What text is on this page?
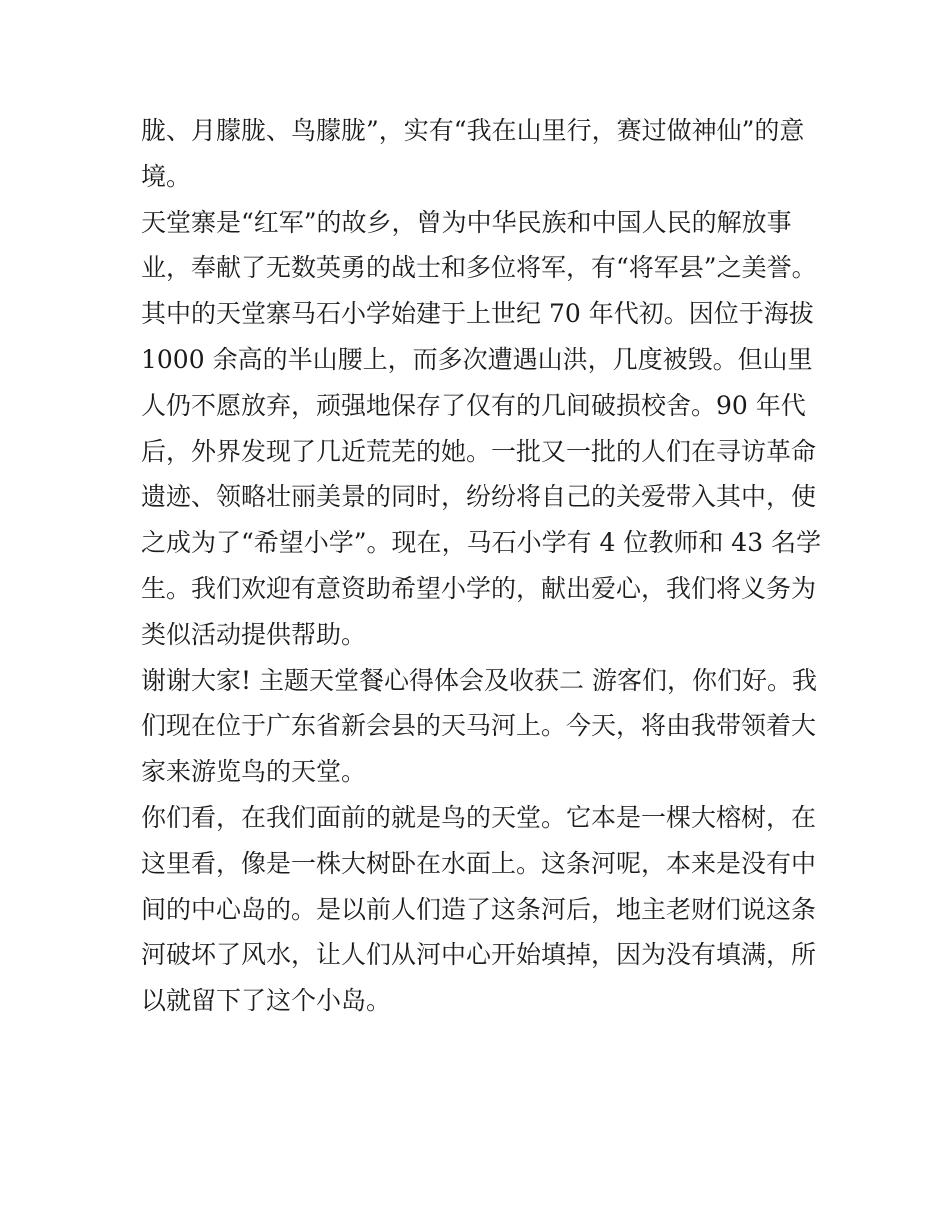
胧、月朦胧、鸟朦胧”，实有“我在山里行，赛过做神仙”的意
境。
天堂寨是“红军”的故乡，曾为中华民族和中国人民的解放事
业，奉献了无数英勇的战士和多位将军，有“将军县”之美誉。
其中的天堂寨马石小学始建于上世纪 70 年代初。因位于海拔
1000 余高的半山腰上，而多次遭遇山洪，几度被毁。但山里
人仍不愿放弃，顽强地保存了仅有的几间破损校舍。90 年代
后，外界发现了几近荒芜的她。一批又一批的人们在寻访革命
遗迹、领略壮丽美景的同时，纷纷将自己的关爱带入其中，使
之成为了“希望小学”。现在，马石小学有 4 位教师和 43 名学
生。我们欢迎有意资助希望小学的，献出爱心，我们将义务为
类似活动提供帮助。
谢谢大家! 主题天堂餐心得体会及收获二 游客们，你们好。我
们现在位于广东省新会县的天马河上。今天，将由我带领着大
家来游览鸟的天堂。
你们看，在我们面前的就是鸟的天堂。它本是一棵大榕树，在
这里看，像是一株大树卧在水面上。这条河呢，本来是没有中
间的中心岛的。是以前人们造了这条河后，地主老财们说这条
河破坏了风水，让人们从河中心开始填掉，因为没有填满，所
以就留下了这个小岛。
